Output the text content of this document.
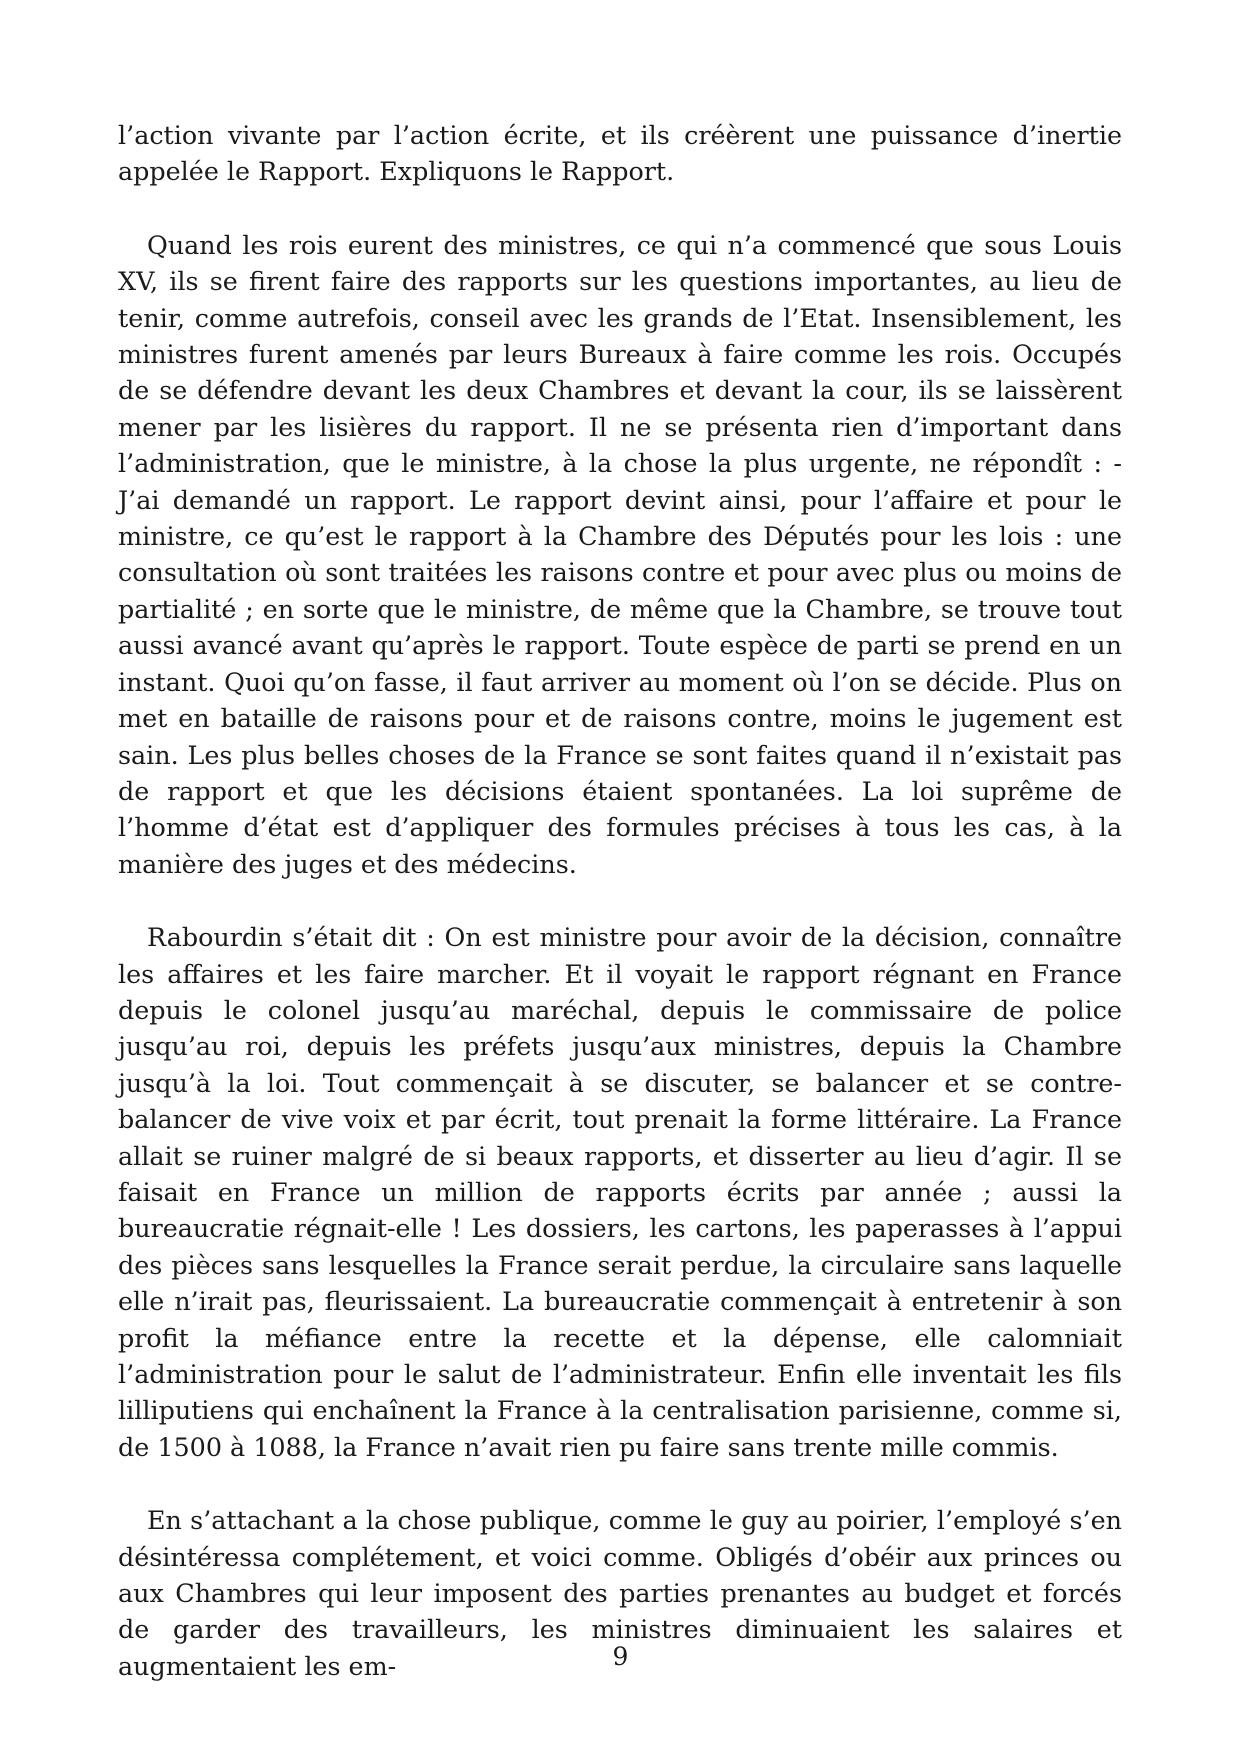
l’action vivante par l’action écrite, et ils créèrent une puissance d’inertie appelée le Rapport. Expliquons le Rapport.

Quand les rois eurent des ministres, ce qui n’a commencé que sous Louis XV, ils se firent faire des rapports sur les questions importantes, au lieu de tenir, comme autrefois, conseil avec les grands de l’Etat. Insensiblement, les ministres furent amenés par leurs Bureaux à faire comme les rois. Occupés de se défendre devant les deux Chambres et devant la cour, ils se laissèrent mener par les lisières du rapport. Il ne se présenta rien d’important dans l’administration, que le ministre, à la chose la plus urgente, ne répondît : - J’ai demandé un rapport. Le rapport devint ainsi, pour l’affaire et pour le ministre, ce qu’est le rapport à la Chambre des Députés pour les lois : une consultation où sont traitées les raisons contre et pour avec plus ou moins de partialité ; en sorte que le ministre, de même que la Chambre, se trouve tout aussi avancé avant qu’après le rapport. Toute espèce de parti se prend en un instant. Quoi qu’on fasse, il faut arriver au moment où l’on se décide. Plus on met en bataille de raisons pour et de raisons contre, moins le jugement est sain. Les plus belles choses de la France se sont faites quand il n’existait pas de rapport et que les décisions étaient spontanées. La loi suprême de l’homme d’état est d’appliquer des formules précises à tous les cas, à la manière des juges et des médecins.

Rabourdin s’était dit : On est ministre pour avoir de la décision, connaître les affaires et les faire marcher. Et il voyait le rapport régnant en France depuis le colonel jusqu’au maréchal, depuis le commissaire de police jusqu’au roi, depuis les préfets jusqu’aux ministres, depuis la Chambre jusqu’à la loi. Tout commençait à se discuter, se balancer et se contre-balancer de vive voix et par écrit, tout prenait la forme littéraire. La France allait se ruiner malgré de si beaux rapports, et disserter au lieu d’agir. Il se faisait en France un million de rapports écrits par année ; aussi la bureaucratie régnait-elle ! Les dossiers, les cartons, les paperasses à l’appui des pièces sans lesquelles la France serait perdue, la circulaire sans laquelle elle n’irait pas, fleurissaient. La bureaucratie commençait à entretenir à son profit la méfiance entre la recette et la dépense, elle calomniait l’administration pour le salut de l’administrateur. Enfin elle inventait les fils lilliputiens qui enchaînent la France à la centralisation parisienne, comme si, de 1500 à 1088, la France n’avait rien pu faire sans trente mille commis.

En s’attachant a la chose publique, comme le guy au poirier, l’employé s’en désintéressa complétement, et voici comme. Obligés d’obéir aux princes ou aux Chambres qui leur imposent des parties prenantes au budget et forcés de garder des travailleurs, les ministres diminuaient les salaires et augmentaient les em-	9
